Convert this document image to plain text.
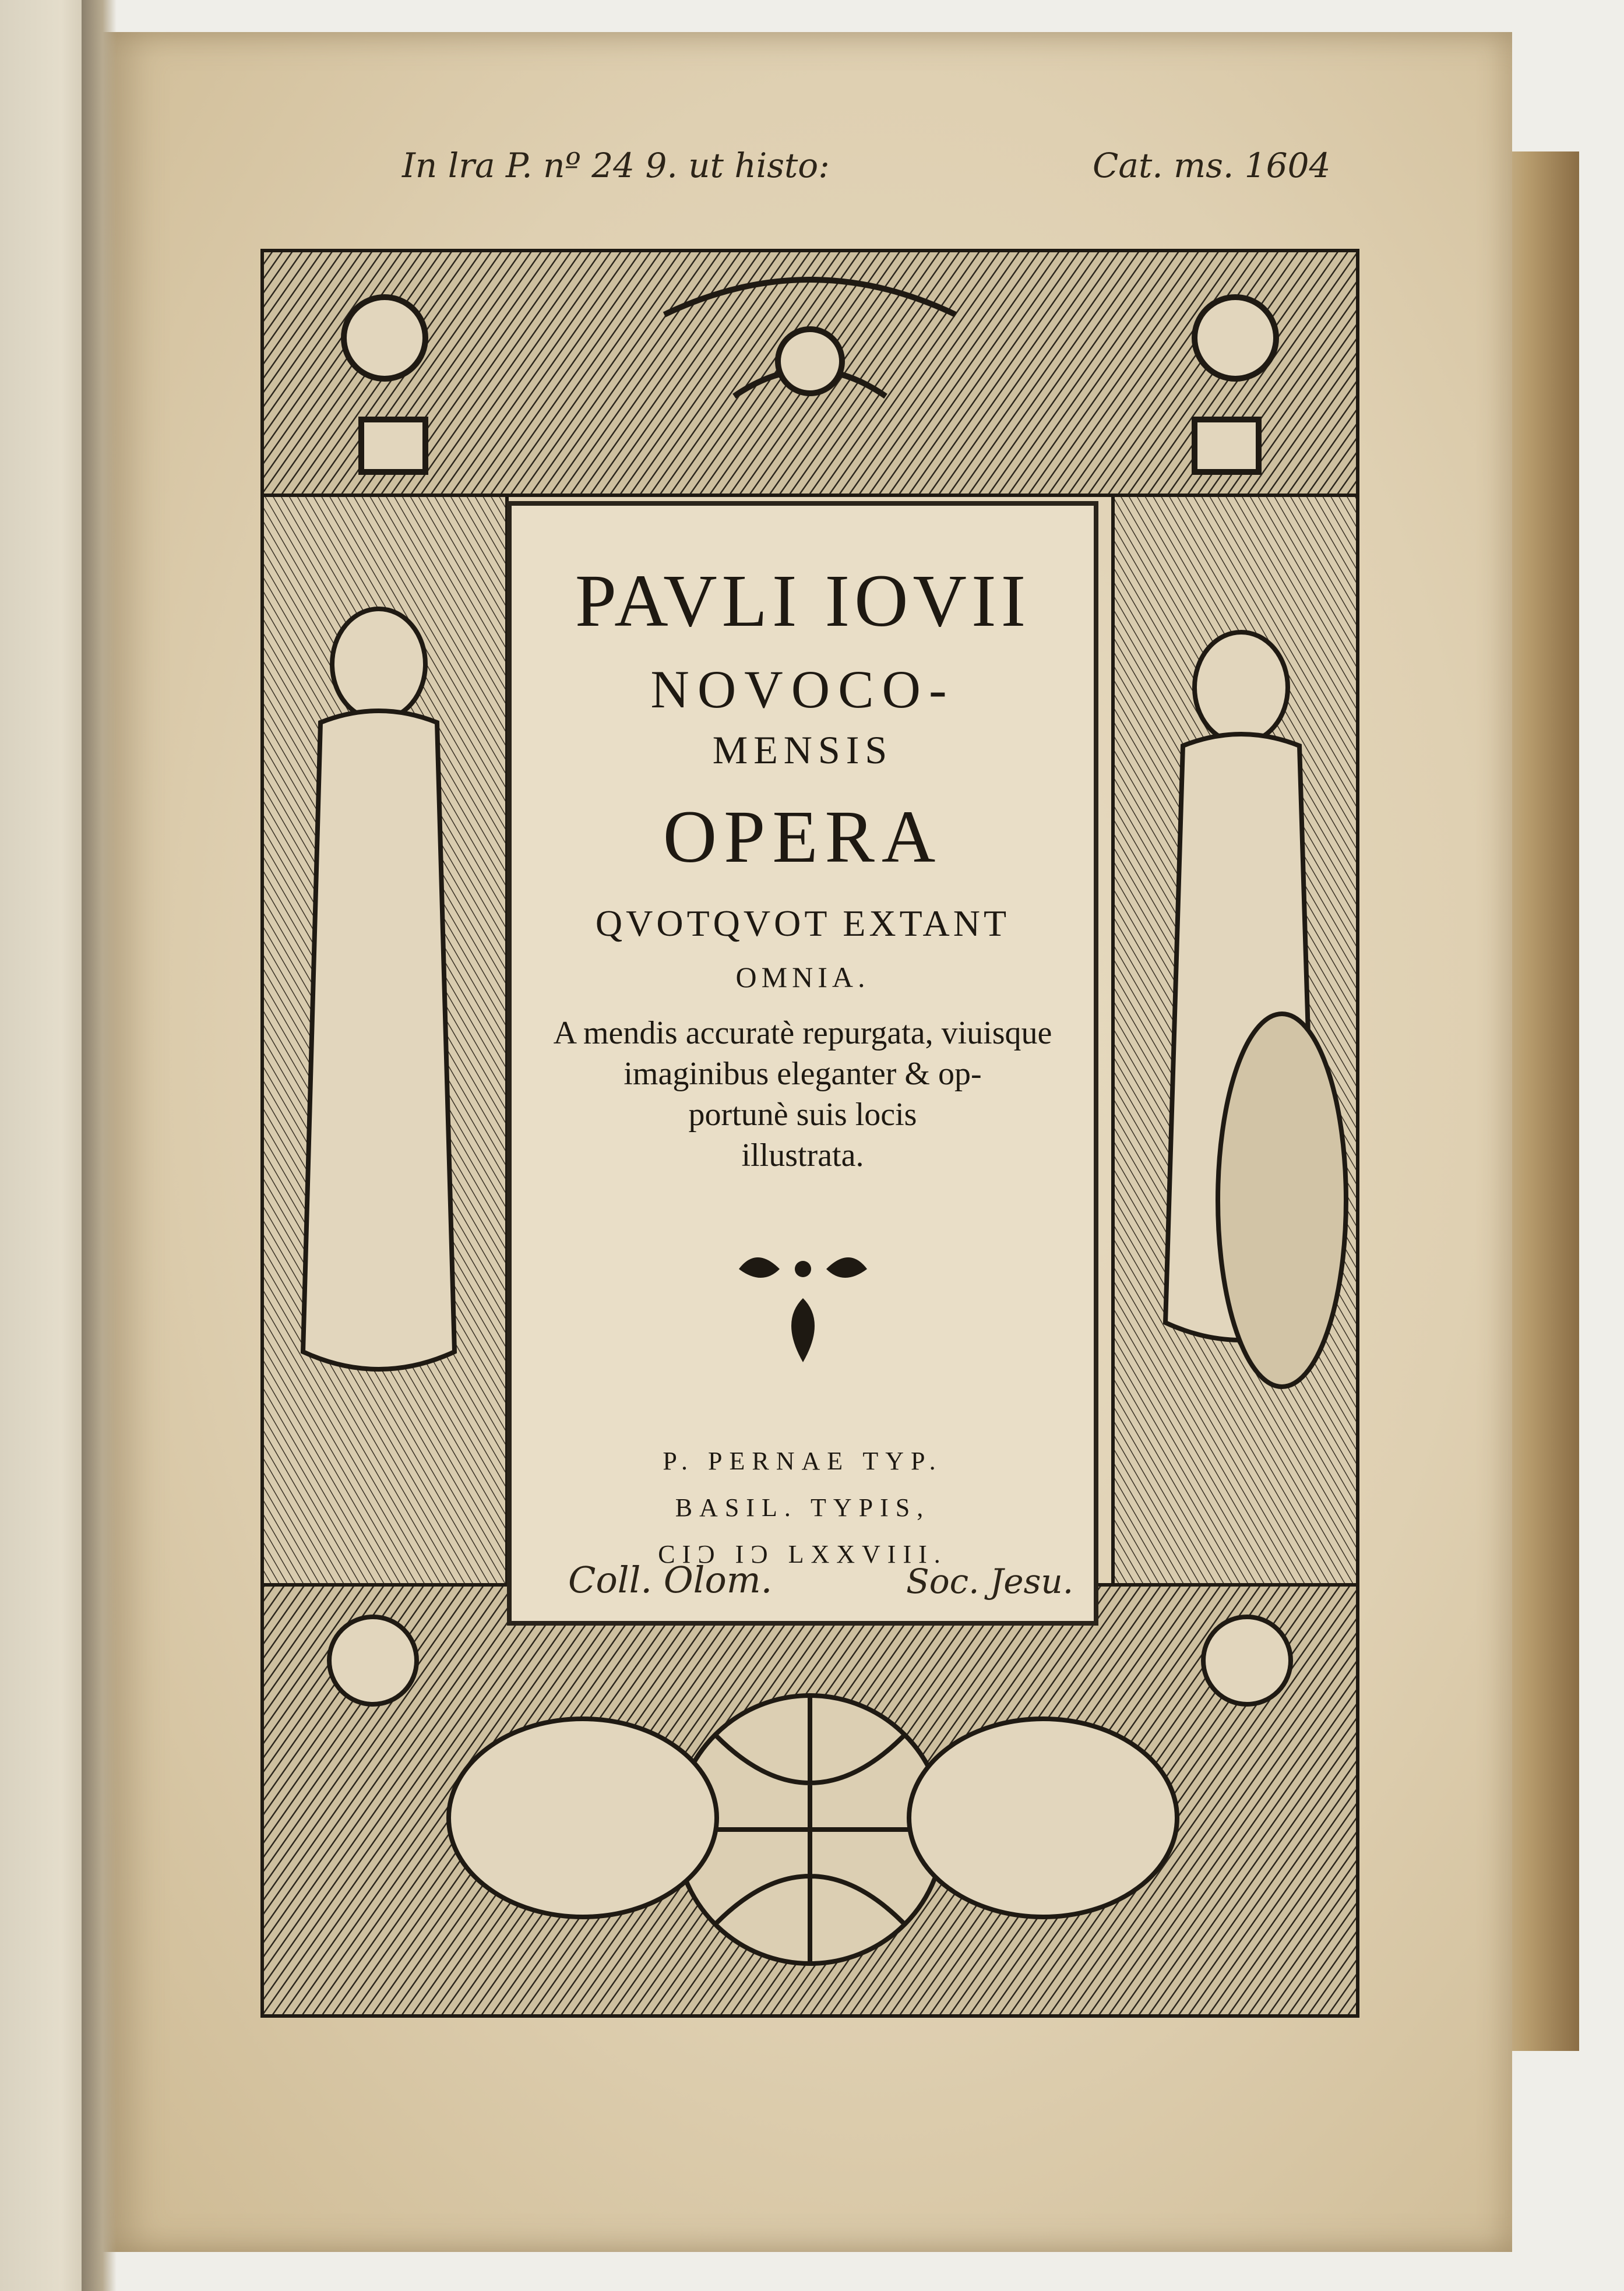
In lra P. nº 24 9. ut histo:	Cat. ms. 1604
PAVLI IOVII
NOVOCO-
MENSIS
OPERA
QVOTQVOT EXTANT
OMNIA.
A mendis accuratè repurgata, viuisque
imaginibus eleganter & op-
portunè suis locis
illustrata.
P. PERNAE TYP.
BASIL. TYPIS,
CIƆ IƆ LXXVIII.
Coll. Olom.	Soc. Jesu.
